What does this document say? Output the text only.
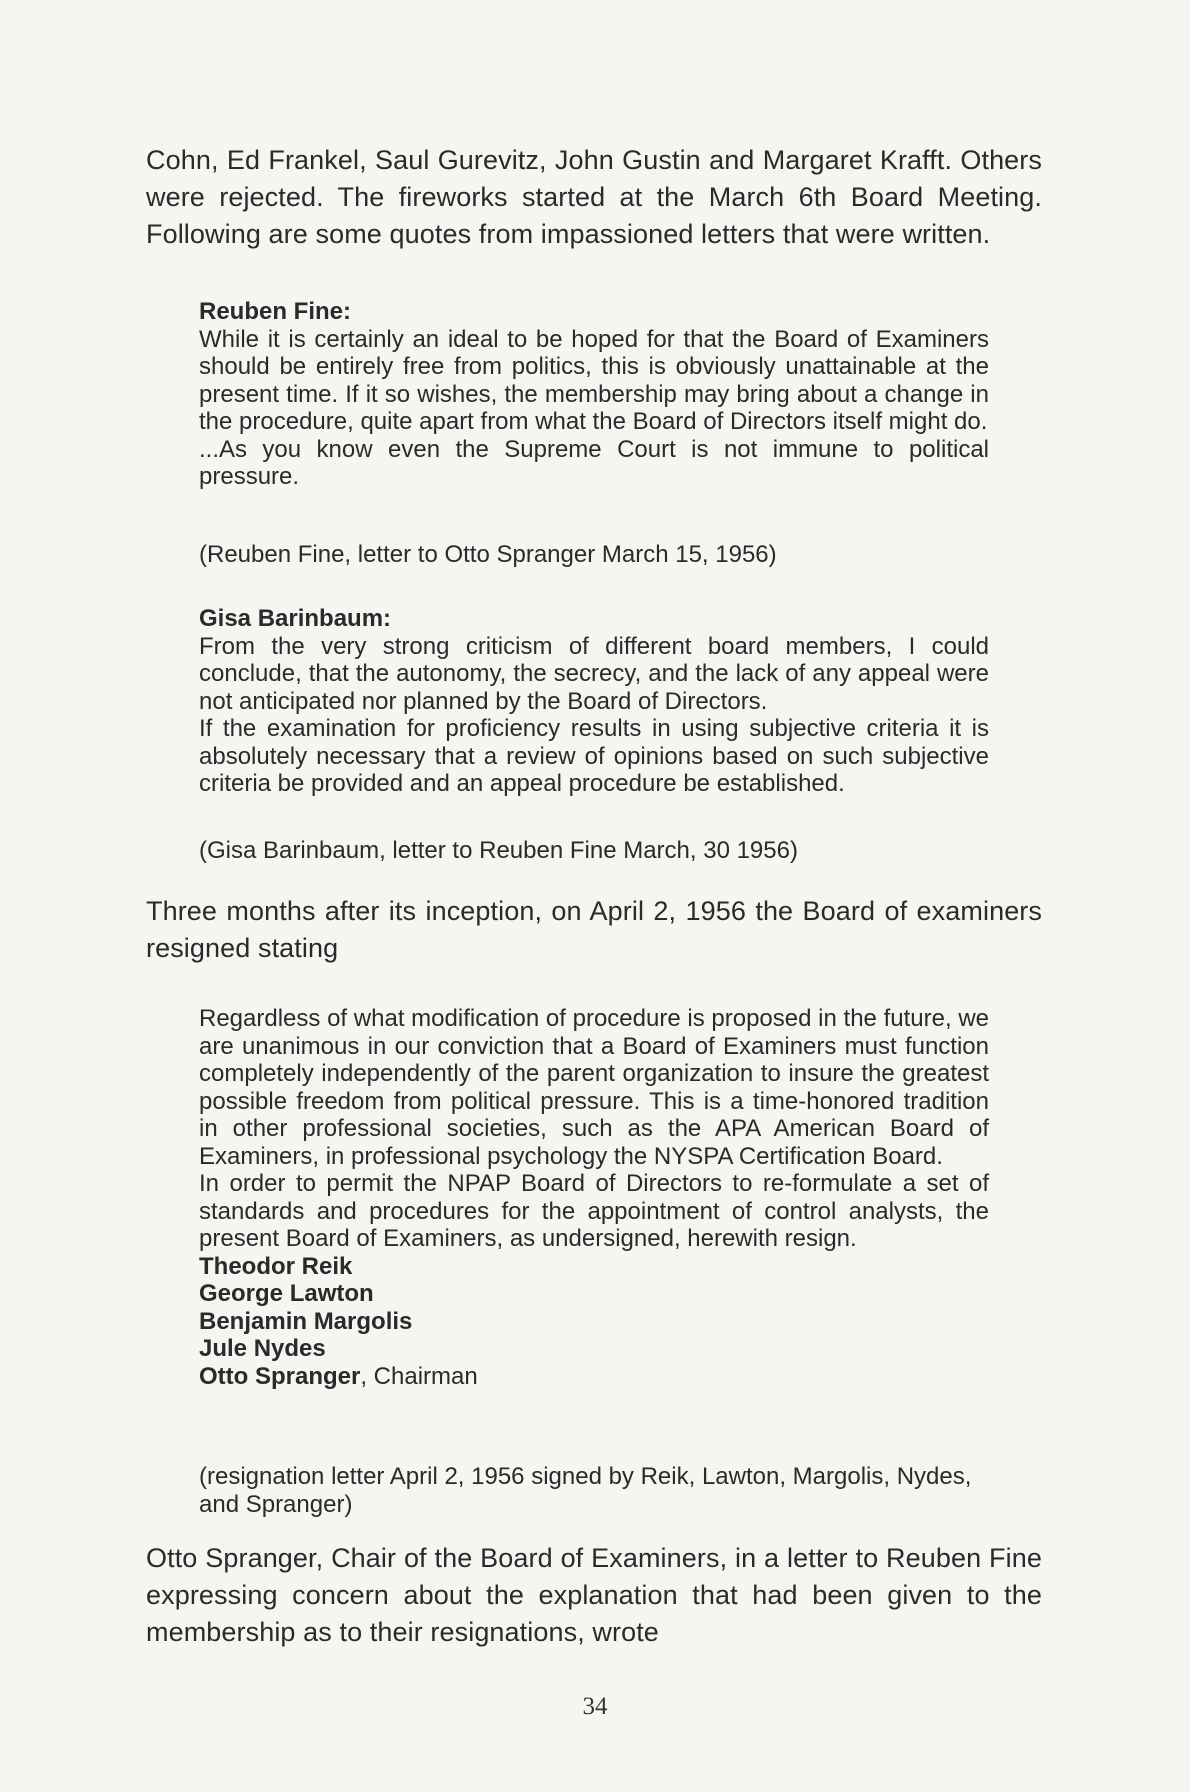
Cohn, Ed Frankel, Saul Gurevitz, John Gustin and Margaret Krafft. Others were rejected. The fireworks started at the March 6th Board Meeting. Following are some quotes from impassioned letters that were written.

Reuben Fine:

While it is certainly an ideal to be hoped for that the Board of Examiners should be entirely free from politics, this is obviously unattainable at the present time. If it so wishes, the membership may bring about a change in the procedure, quite apart from what the Board of Directors itself might do.

...As you know even the Supreme Court is not immune to political pressure.

(Reuben Fine, letter to Otto Spranger March 15, 1956)

Gisa Barinbaum:

From the very strong criticism of different board members, I could conclude, that the autonomy, the secrecy, and the lack of any appeal were not anticipated nor planned by the Board of Directors.

If the examination for proficiency results in using subjective criteria it is absolutely necessary that a review of opinions based on such subjective criteria be provided and an appeal procedure be established.

(Gisa Barinbaum, letter to Reuben Fine March, 30 1956)

Three months after its inception, on April 2, 1956 the Board of examiners resigned stating

Regardless of what modification of procedure is proposed in the future, we are unanimous in our conviction that a Board of Examiners must function completely independently of the parent organization to insure the greatest possible freedom from political pressure. This is a time-honored tradition in other professional societies, such as the APA American Board of Examiners, in professional psychology the NYSPA Certification Board.

In order to permit the NPAP Board of Directors to re-formulate a set of standards and procedures for the appointment of control analysts, the present Board of Examiners, as undersigned, herewith resign.

Theodor Reik
George Lawton
Benjamin Margolis
Jule Nydes
Otto Spranger, Chairman

(resignation letter April 2, 1956 signed by Reik, Lawton, Margolis, Nydes, and Spranger)

Otto Spranger, Chair of the Board of Examiners, in a letter to Reuben Fine expressing concern about the explanation that had been given to the membership as to their resignations, wrote

34
